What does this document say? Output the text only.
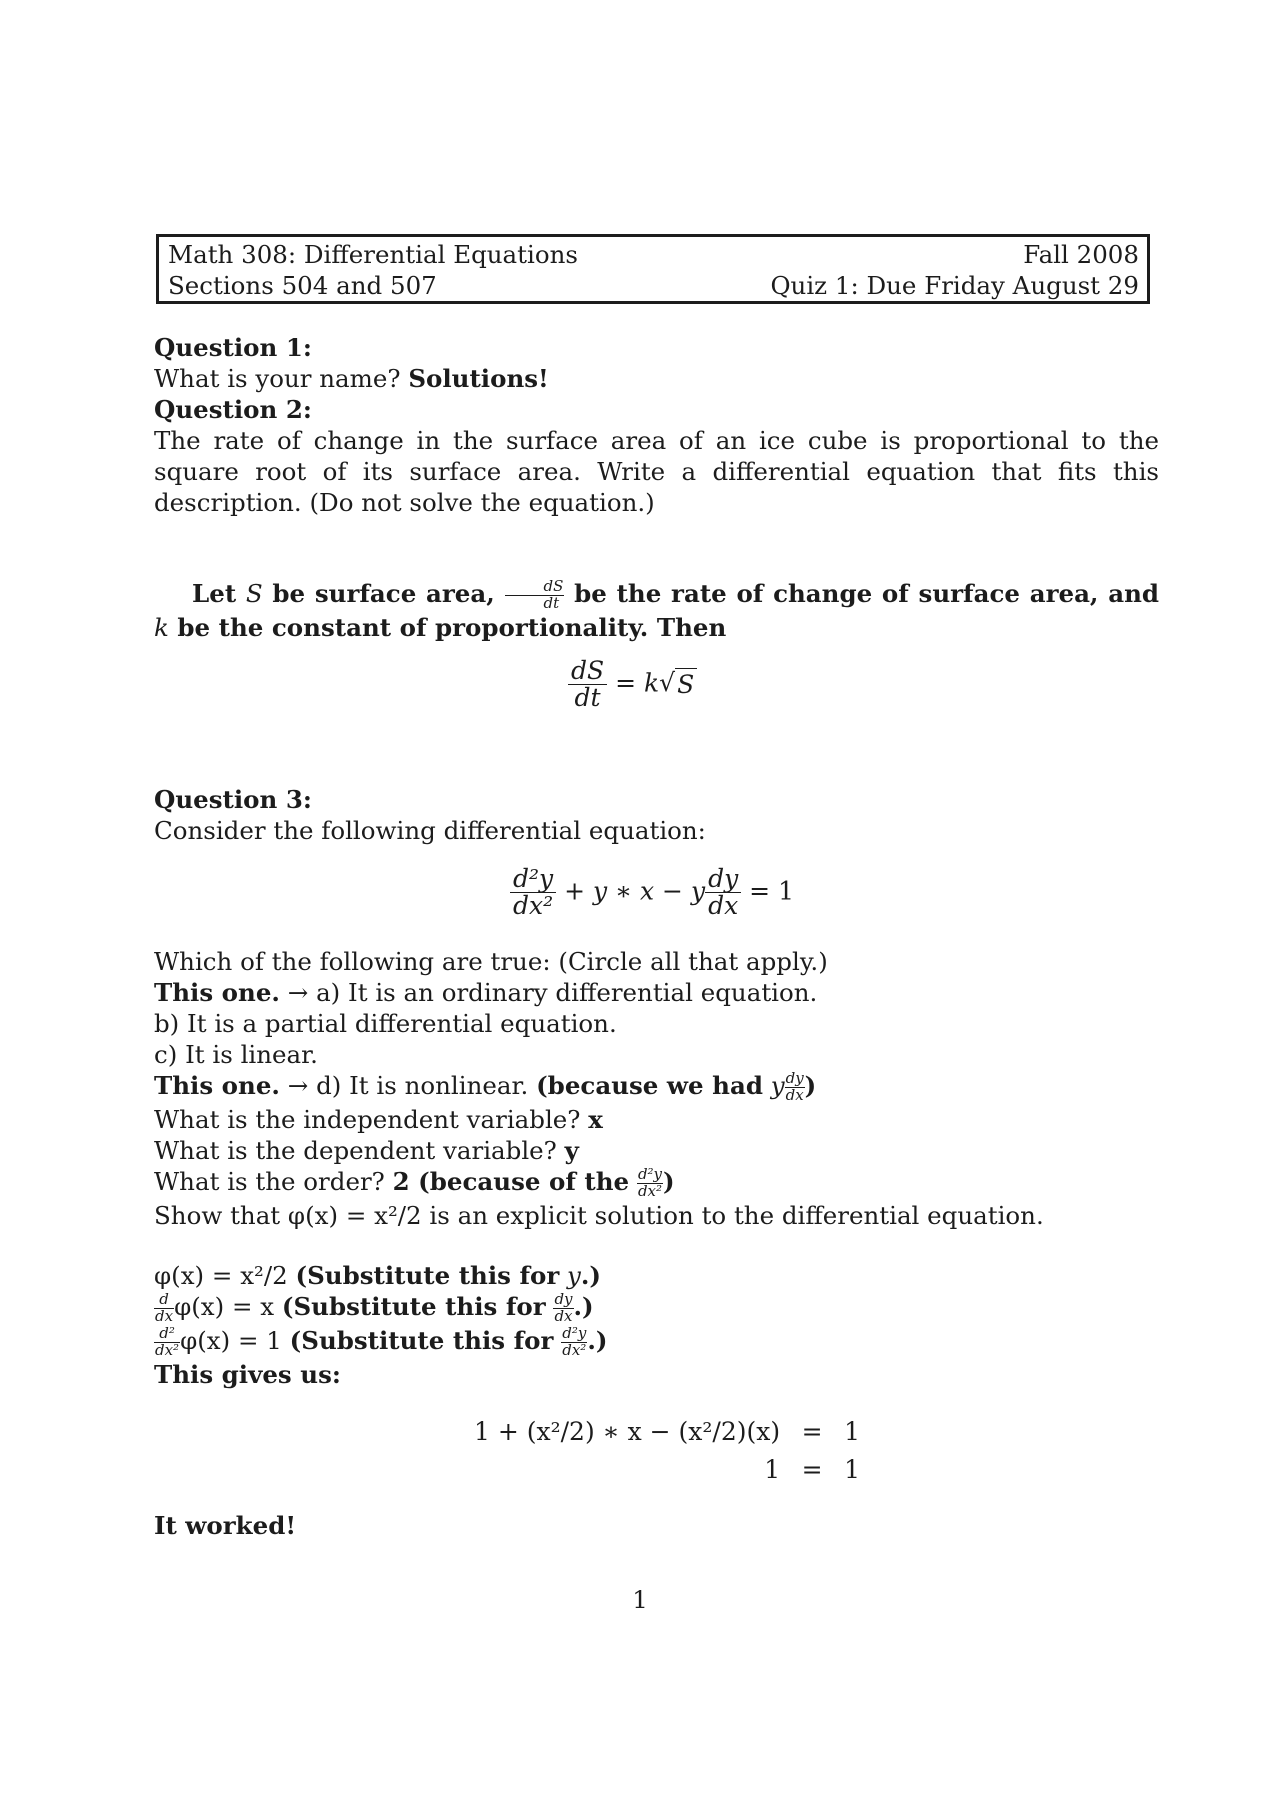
Math 308: Differential Equations	Fall 2008
Sections 504 and 507	Quiz 1: Due Friday August 29
Question 1:
What is your name? Solutions!
Question 2:
The rate of change in the surface area of an ice cube is proportional to the square root of its surface area. Write a differential equation that fits this description. (Do not solve the equation.)
Let S be surface area, $\frac{dS}{dt}$ be the rate of change of surface area, and k be the constant of proportionality. Then
$\frac{dS}{dt} = k$ √ S
Question 3:
Consider the following differential equation:
$\frac{\text{d²y}}{\text{dx²}} + y$ ∗ x − y $\frac{dy}{dx} = 1$
Which of the following are true: (Circle all that apply.)
This one. → a) It is an ordinary differential equation.
b) It is a partial differential equation.
c) It is linear.
This one. → d) It is nonlinear. (because we had y $\frac{dy}{dx}$ )
What is the independent variable? x
What is the dependent variable? y
What is the order? 2 (because of the $\frac{\text{d²y}}{\text{dx²}}$ )
Show that φ(x) = x²/2 is an explicit solution to the differential equation.
φ(x) = x²/2 (Substitute this for y.)
$\frac{d}{dx} \varphi(x) = x$ (Substitute this for $\frac{dy}{dx}$ .)
$\frac{\text{d²}}{\text{dx²}} \varphi(x) = 1$ (Substitute this for $\frac{\text{d²y}}{\text{dx²}}$ .)
This gives us:
1 + (x²/2) ∗ x − (x²/2)(x)	=	1
1	=	1
It worked!
1
